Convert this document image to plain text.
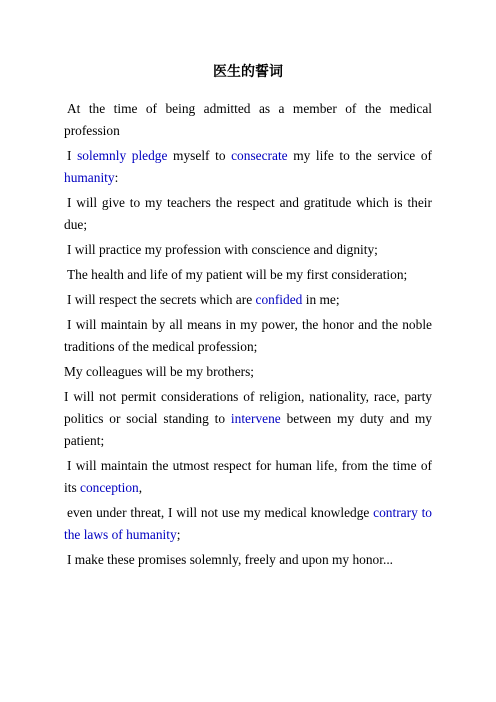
医生的誓词

At the time of being admitted as a member of the medical profession

I solemnly pledge myself to consecrate my life to the service of humanity:

I will give to my teachers the respect and gratitude which is their due;

I will practice my profession with conscience and dignity;

The health and life of my patient will be my first consideration;

I will respect the secrets which are confided in me;

I will maintain by all means in my power, the honor and the noble traditions of the medical profession;

My colleagues will be my brothers;

I will not permit considerations of religion, nationality, race, party politics or social standing to intervene between my duty and my patient;

I will maintain the utmost respect for human life, from the time of its conception,

even under threat, I will not use my medical knowledge contrary to the laws of humanity;

I make these promises solemnly, freely and upon my honor...
